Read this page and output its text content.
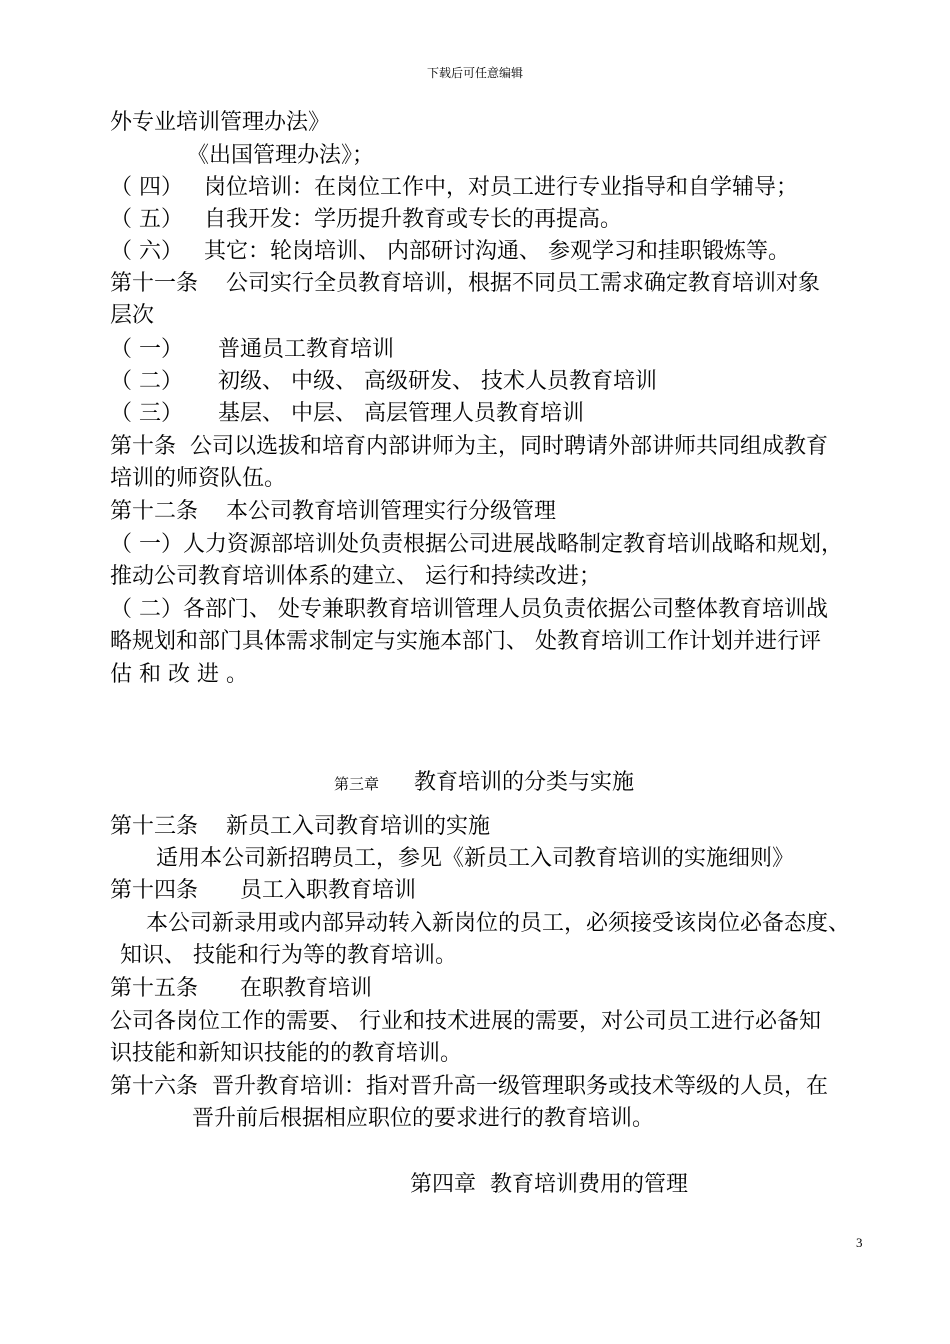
下载后可任意编辑
外专业培训管理办法》
《出国管理办法》；
（ 四）   岗位培训：在岗位工作中，对员工进行专业指导和自学辅导；
（ 五）   自我开发：学历提升教育或专长的再提高。
（ 六）   其它：轮岗培训、 内部研讨沟通、 参观学习和挂职锻炼等。
第十一条    公司实行全员教育培训，根据不同员工需求确定教育培训对象
层次
（ 一）     普通员工教育培训
（ 二）     初级、 中级、 高级研发、 技术人员教育培训
（ 三）     基层、 中层、 高层管理人员教育培训
第十条  公司以选拔和培育内部讲师为主，同时聘请外部讲师共同组成教育
培训的师资队伍。
第十二条    本公司教育培训管理实行分级管理
（ 一）人力资源部培训处负责根据公司进展战略制定教育培训战略和规划，
推动公司教育培训体系的建立、 运行和持续改进；
（ 二）各部门、 处专兼职教育培训管理人员负责依据公司整体教育培训战
略规划和部门具体需求制定与实施本部门、 处教育培训工作计划并进行评
估 和 改 进 。

第三章 教育培训的分类与实施

第十三条    新员工入司教育培训的实施
适用本公司新招聘员工，参见《新员工入司教育培训的实施细则》
第十四条      员工入职教育培训
本公司新录用或内部异动转入新岗位的员工，必须接受该岗位必备态度、
知识、 技能和行为等的教育培训。
第十五条      在职教育培训
公司各岗位工作的需要、 行业和技术进展的需要，对公司员工进行必备知
识技能和新知识技能的的教育培训。
第十六条  晋升教育培训：指对晋升高一级管理职务或技术等级的人员，在
晋升前后根据相应职位的要求进行的教育培训。
第四章  教育培训费用的管理
3
